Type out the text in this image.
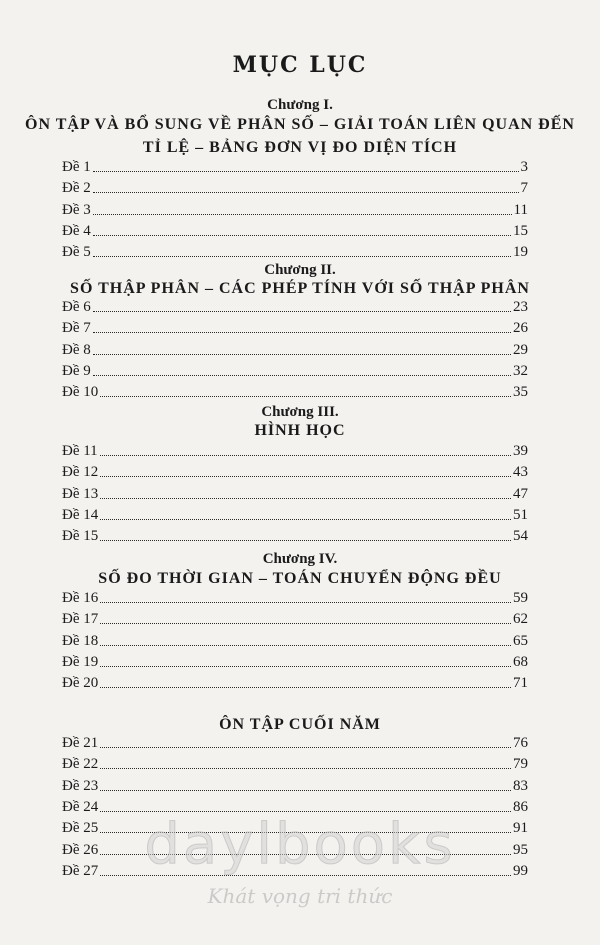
MỤC LỤC
Chương I.
ÔN TẬP VÀ BỔ SUNG VỀ PHÂN SỐ – GIẢI TOÁN LIÊN QUAN ĐẾN
TỈ LỆ – BẢNG ĐƠN VỊ ĐO DIỆN TÍCH
Đề 1	3
Đề 2	7
Đề 3	11
Đề 4	15
Đề 5	19
Chương II.
SỐ THẬP PHÂN – CÁC PHÉP TÍNH VỚI SỐ THẬP PHÂN
Đề 6	23
Đề 7	26
Đề 8	29
Đề 9	32
Đề 10	35
Chương III.
HÌNH HỌC
Đề 11	39
Đề 12	43
Đề 13	47
Đề 14	51
Đề 15	54
Chương IV.
SỐ ĐO THỜI GIAN – TOÁN CHUYỂN ĐỘNG ĐỀU
Đề 16	59
Đề 17	62
Đề 18	65
Đề 19	68
Đề 20	71
ÔN TẬP CUỐI NĂM
Đề 21	76
Đề 22	79
Đề 23	83
Đề 24	86
Đề 25	91
Đề 26	95
Đề 27	99
daylbooks
Khát vọng tri thức
